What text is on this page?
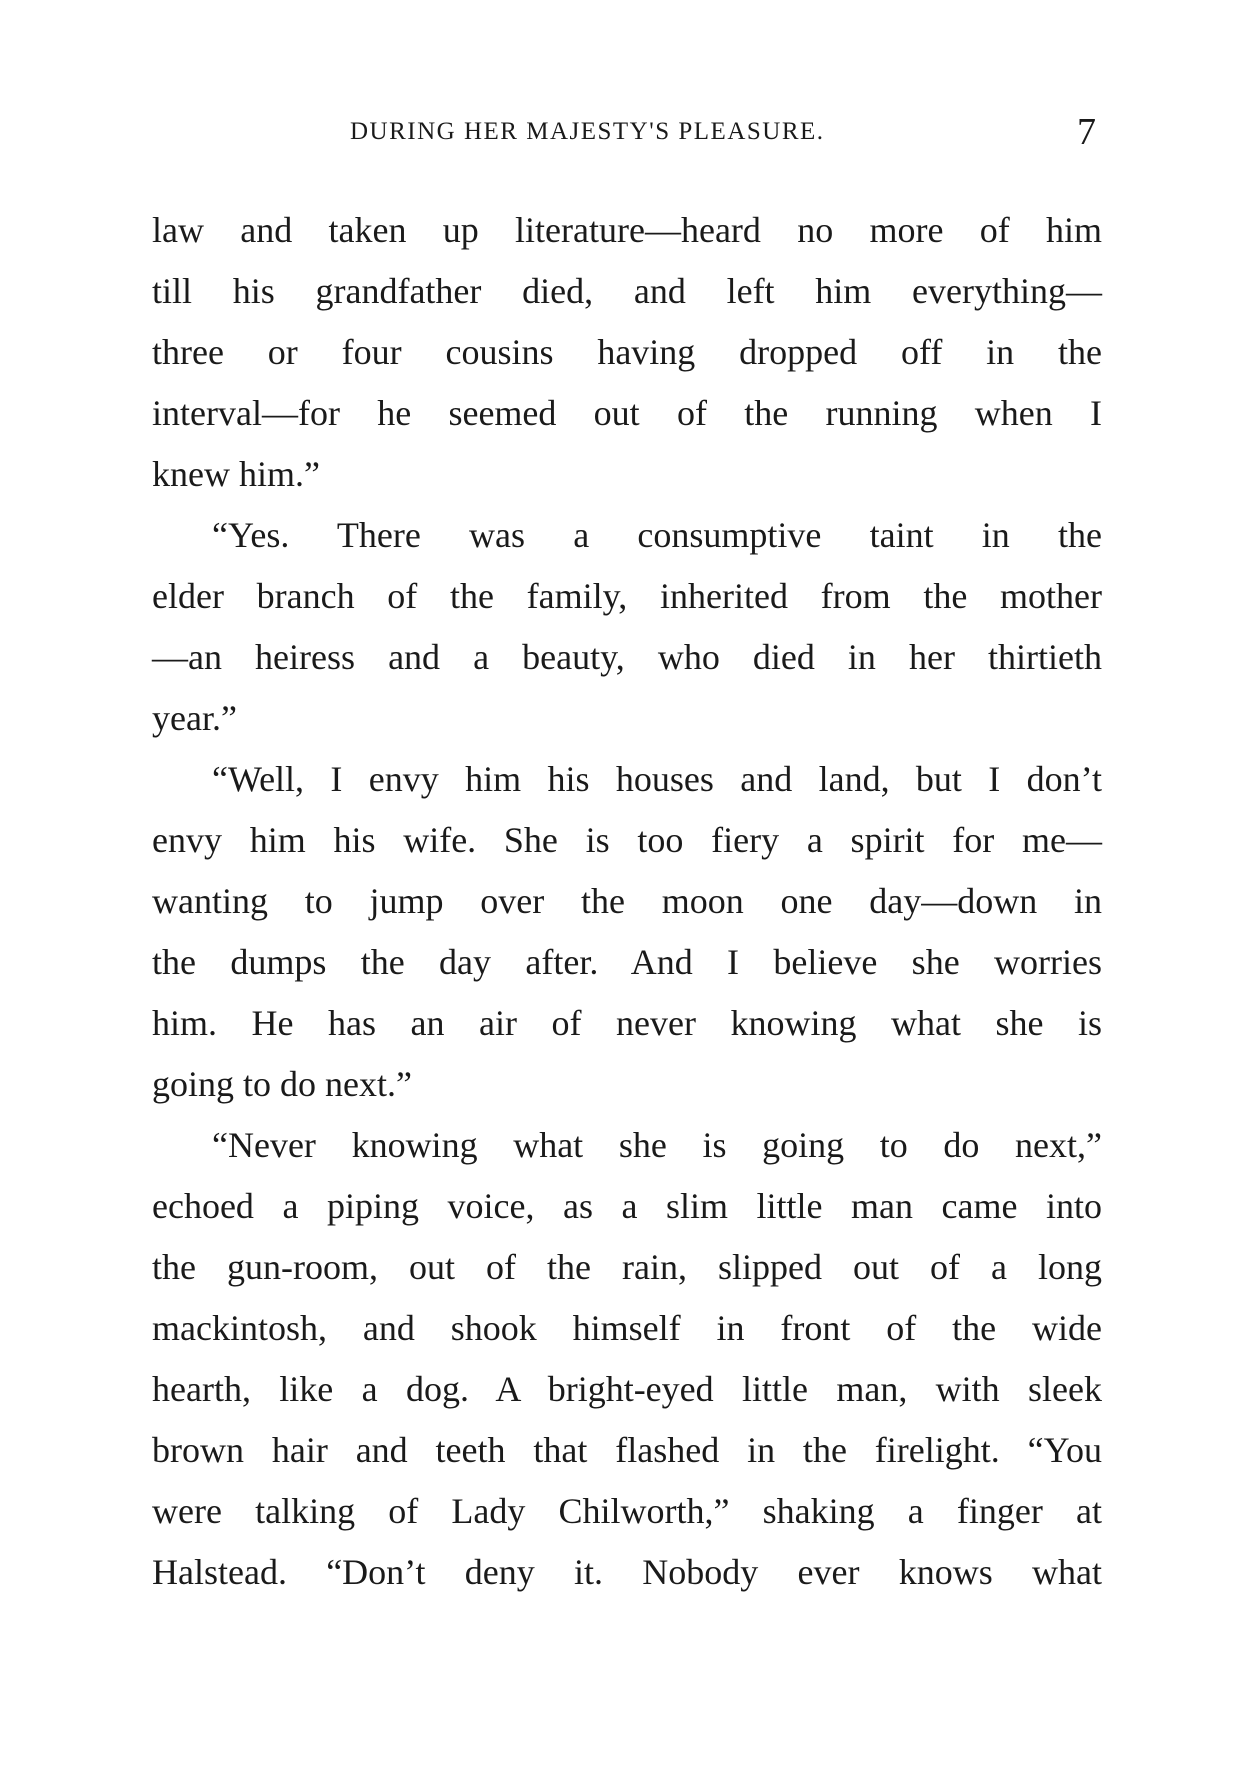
DURING HER MAJESTY'S PLEASURE.	7
law and taken up literature—heard no more of him
till his grandfather died, and left him everything—
three or four cousins having dropped off in the
interval—for he seemed out of the running when I
knew him.”
“Yes. There was a consumptive taint in the
elder branch of the family, inherited from the mother
—an heiress and a beauty, who died in her thirtieth
year.”
“Well, I envy him his houses and land, but I don’t
envy him his wife. She is too fiery a spirit for me—
wanting to jump over the moon one day—down in
the dumps the day after. And I believe she worries
him. He has an air of never knowing what she is
going to do next.”
“Never knowing what she is going to do next,”
echoed a piping voice, as a slim little man came into
the gun-room, out of the rain, slipped out of a long
mackintosh, and shook himself in front of the wide
hearth, like a dog. A bright-eyed little man, with sleek
brown hair and teeth that flashed in the firelight. “You
were talking of Lady Chilworth,” shaking a finger at
Halstead. “Don’t deny it. Nobody ever knows what
